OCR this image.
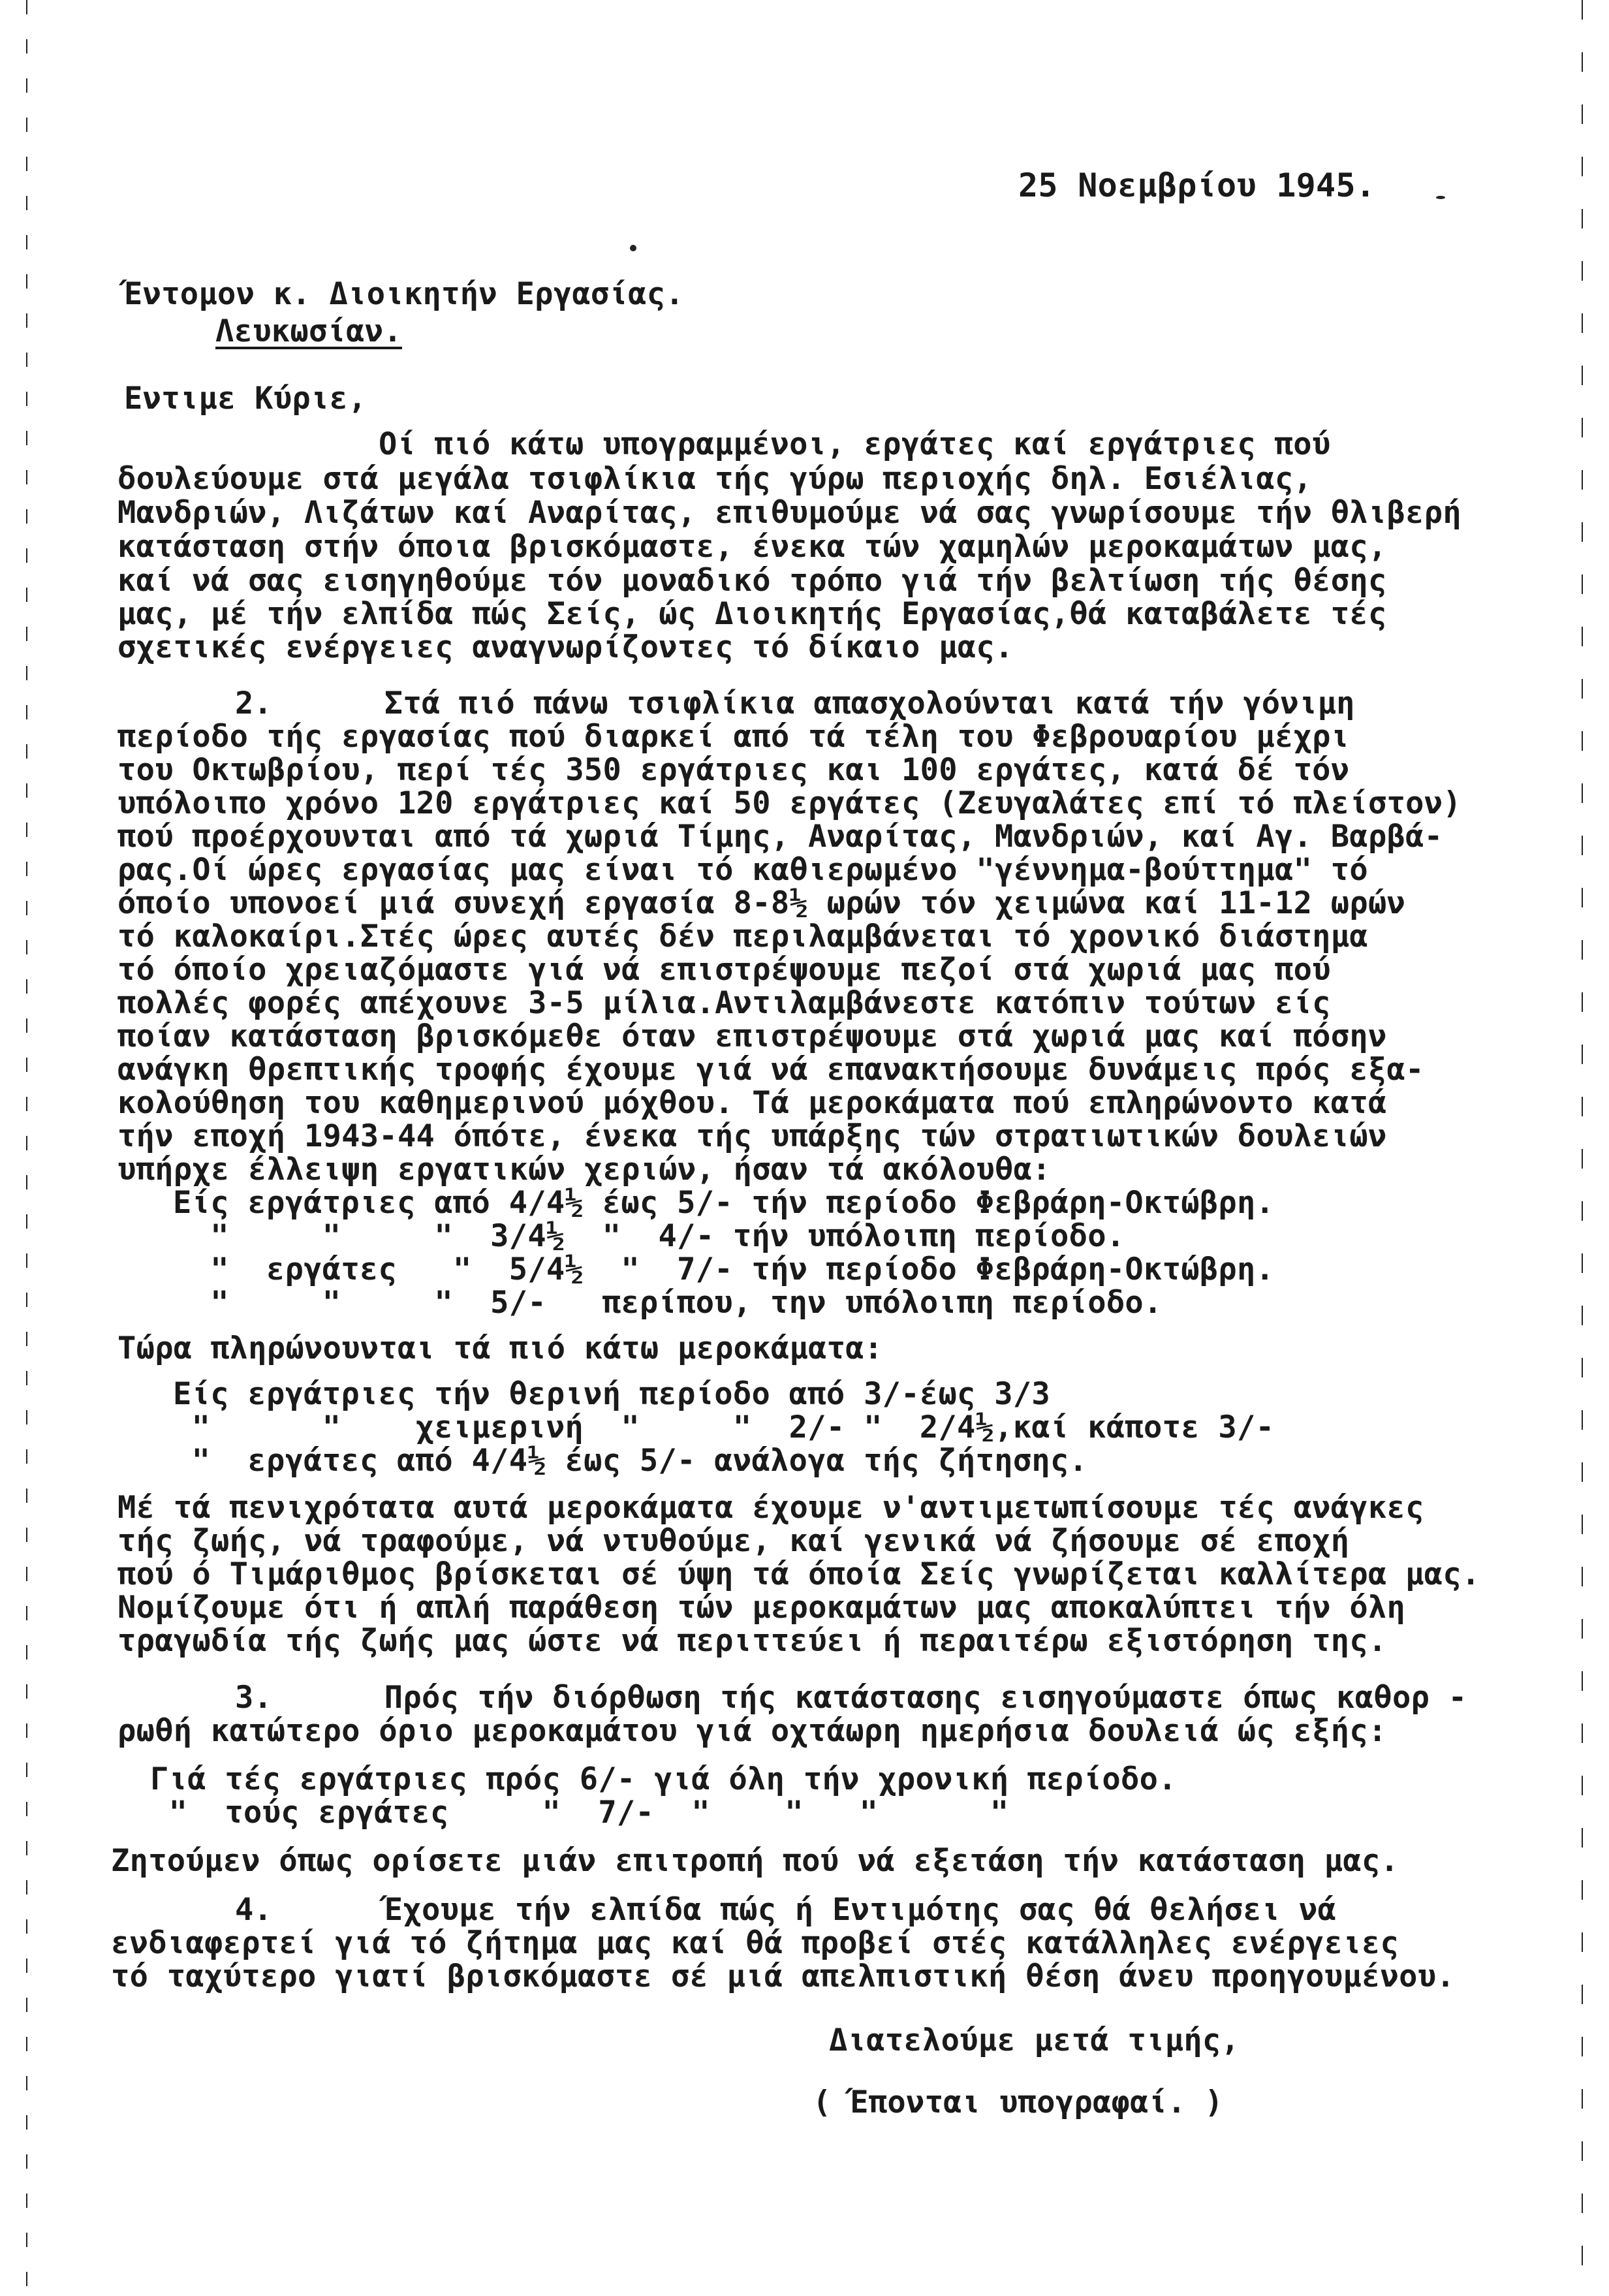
25 Νοεμβρίου 1945.
Έντομον κ. Διοικητήν Εργασίας.
Λευκωσίαν.
Εντιμε Κύριε,
Οί πιό κάτω υπογραμμένοι, εργάτες καί εργάτριες πού
δουλεύουμε στά μεγάλα τσιφλίκια τής γύρω περιοχής δηλ. Εσιέλιας,
Μανδριών, Λιζάτων καί Αναρίτας, επιθυμούμε νά σας γνωρίσουμε τήν θλιβερή
κατάσταση στήν όποια βρισκόμαστε, ένεκα τών χαμηλών μεροκαμάτων μας,
καί νά σας εισηγηθούμε τόν μοναδικό τρόπο γιά τήν βελτίωση τής θέσης
μας, μέ τήν ελπίδα πώς Σείς, ώς Διοικητής Εργασίας,θά καταβάλετε τές
σχετικές ενέργειες αναγνωρίζοντες τό δίκαιο μας.
2.      Στά πιό πάνω τσιφλίκια απασχολούνται κατά τήν γόνιμη
περίοδο τής εργασίας πού διαρκεί από τά τέλη του Φεβρουαρίου μέχρι
του Οκτωβρίου, περί τές 350 εργάτριες και 100 εργάτες, κατά δέ τόν
υπόλοιπο χρόνο 120 εργάτριες καί 50 εργάτες (Ζευγαλάτες επί τό πλείστον)
πού προέρχουνται από τά χωριά Τίμης, Αναρίτας, Μανδριών, καί Αγ. Βαρβά-
ρας.Οί ώρες εργασίας μας είναι τό καθιερωμένο "γέννημα-βούττημα" τό
όποίο υπονοεί μιά συνεχή εργασία 8-8½ ωρών τόν χειμώνα καί 11-12 ωρών
τό καλοκαίρι.Στές ώρες αυτές δέν περιλαμβάνεται τό χρονικό διάστημα
τό όποίο χρειαζόμαστε γιά νά επιστρέψουμε πεζοί στά χωριά μας πού
πολλές φορές απέχουνε 3-5 μίλια.Αντιλαμβάνεστε κατόπιν τούτων είς
ποίαν κατάσταση βρισκόμεθε όταν επιστρέψουμε στά χωριά μας καί πόσην
ανάγκη θρεπτικής τροφής έχουμε γιά νά επανακτήσουμε δυνάμεις πρός εξα-
κολούθηση του καθημερινού μόχθου. Τά μεροκάματα πού επληρώνοντο κατά
τήν εποχή 1943-44 όπότε, ένεκα τής υπάρξης τών στρατιωτικών δουλειών
υπήρχε έλλειψη εργατικών χεριών, ήσαν τά ακόλουθα:
Είς εργάτριες από 4/4½ έως 5/- τήν περίοδο Φεβράρη-Οκτώβρη.
"     "     "  3/4½  "  4/- τήν υπόλοιπη περίοδο.
"  εργάτες   "  5/4½  "  7/- τήν περίοδο Φεβράρη-Οκτώβρη.
"     "     "  5/-   περίπου, την υπόλοιπη περίοδο.
Τώρα πληρώνουνται τά πιό κάτω μεροκάματα:
Είς εργάτριες τήν θερινή περίοδο από 3/-έως 3/3
"      "    χειμερινή  "     "  2/- "  2/4½,καί κάποτε 3/-
"  εργάτες από 4/4½ έως 5/- ανάλογα τής ζήτησης.
Μέ τά πενιχρότατα αυτά μεροκάματα έχουμε ν'αντιμετωπίσουμε τές ανάγκες
τής ζωής, νά τραφούμε, νά ντυθούμε, καί γενικά νά ζήσουμε σέ εποχή
πού ό Τιμάριθμος βρίσκεται σέ ύψη τά όποία Σείς γνωρίζεται καλλίτερα μας.
Νομίζουμε ότι ή απλή παράθεση τών μεροκαμάτων μας αποκαλύπτει τήν όλη
τραγωδία τής ζωής μας ώστε νά περιττεύει ή περαιτέρω εξιστόρηση της.
3.      Πρός τήν διόρθωση τής κατάστασης εισηγούμαστε όπως καθορ -
ρωθή κατώτερο όριο μεροκαμάτου γιά οχτάωρη ημερήσια δουλειά ώς εξής:
Γιά τές εργάτριες πρός 6/- γιά όλη τήν χρονική περίοδο.
"  τούς εργάτες     "  7/-  "    "   "      "
Ζητούμεν όπως ορίσετε μιάν επιτροπή πού νά εξετάση τήν κατάσταση μας.
4.      Έχουμε τήν ελπίδα πώς ή Εντιμότης σας θά θελήσει νά
ενδιαφερτεί γιά τό ζήτημα μας καί θά προβεί στές κατάλληλες ενέργειες
τό ταχύτερο γιατί βρισκόμαστε σέ μιά απελπιστική θέση άνευ προηγουμένου.
Διατελούμε μετά τιμής,
( Έπονται υπογραφαί. )
